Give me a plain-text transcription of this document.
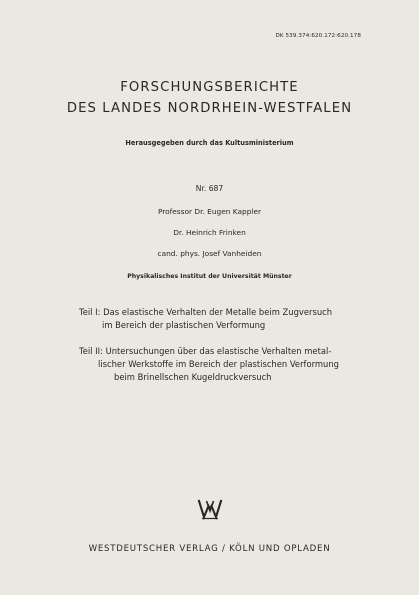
DK 539.374:620.172:620.178
FORSCHUNGSBERICHTE
DES LANDES NORDRHEIN-WESTFALEN
Herausgegeben durch das Kultusministerium
Nr. 687
Professor Dr. Eugen Kappler
Dr. Heinrich Frinken
cand. phys. Josef Vanheiden
Physikalisches Institut der Universität Münster
Teil I: Das elastische Verhalten der Metalle beim Zugversuch
im Bereich der plastischen Verformung
Teil II: Untersuchungen über das elastische Verhalten metal-
lischer Werkstoffe im Bereich der plastischen Verformung
beim Brinellschen Kugeldruckversuch
WESTDEUTSCHER VERLAG / KÖLN UND OPLADEN
